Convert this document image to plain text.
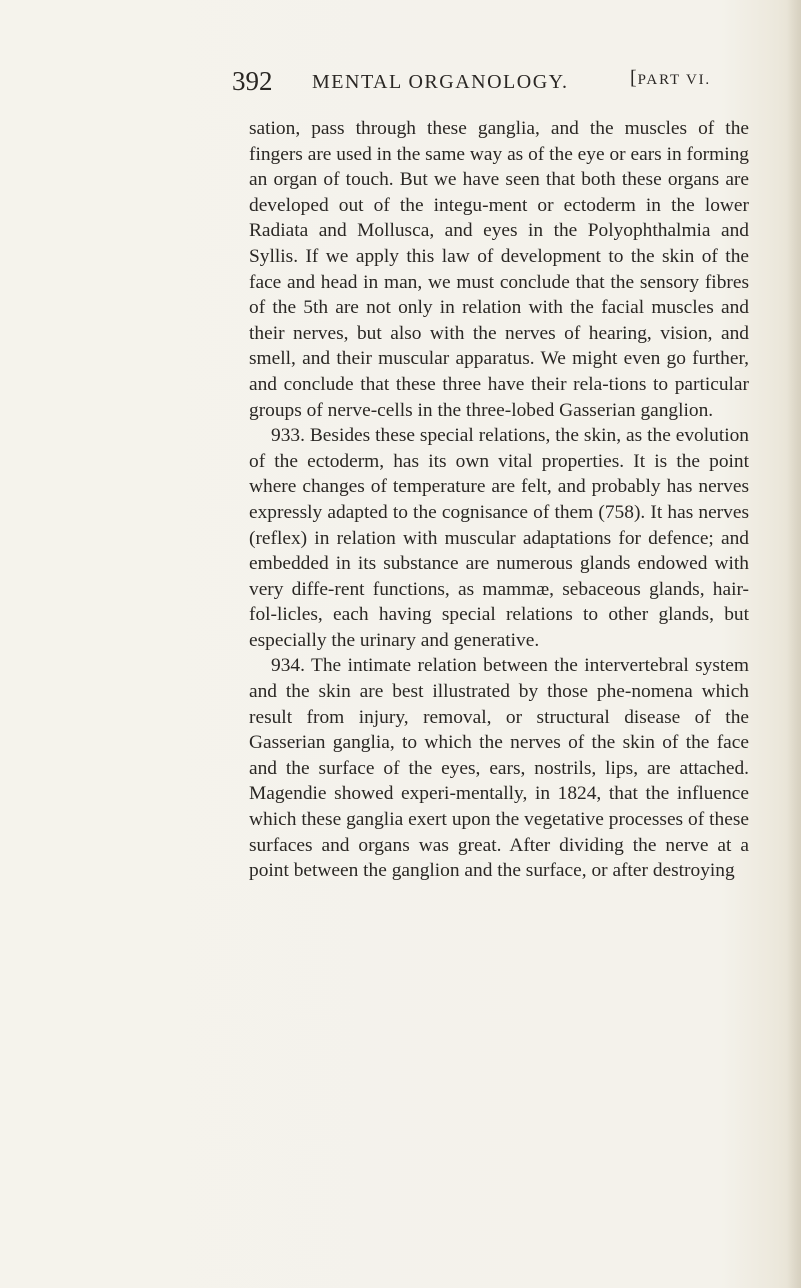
392 MENTAL ORGANOLOGY.	[PART VI.

sation, pass through these ganglia, and the muscles of the fingers are used in the same way as of the eye or ears in forming an organ of touch. But we have seen that both these organs are developed out of the integu-ment or ectoderm in the lower Radiata and Mollusca, and eyes in the Polyophthalmia and Syllis. If we apply this law of development to the skin of the face and head in man, we must conclude that the sensory fibres of the 5th are not only in relation with the facial muscles and their nerves, but also with the nerves of hearing, vision, and smell, and their muscular apparatus. We might even go further, and conclude that these three have their rela-tions to particular groups of nerve-cells in the three-lobed Gasserian ganglion.

933. Besides these special relations, the skin, as the evolution of the ectoderm, has its own vital properties. It is the point where changes of temperature are felt, and probably has nerves expressly adapted to the cognisance of them (758). It has nerves (reflex) in relation with muscular adaptations for defence; and embedded in its substance are numerous glands endowed with very diffe-rent functions, as mammæ, sebaceous glands, hair-fol-licles, each having special relations to other glands, but especially the urinary and generative.

934. The intimate relation between the intervertebral system and the skin are best illustrated by those phe-nomena which result from injury, removal, or structural disease of the Gasserian ganglia, to which the nerves of the skin of the face and the surface of the eyes, ears, nostrils, lips, are attached. Magendie showed experi-mentally, in 1824, that the influence which these ganglia exert upon the vegetative processes of these surfaces and organs was great. After dividing the nerve at a point between the ganglion and the surface, or after destroying
